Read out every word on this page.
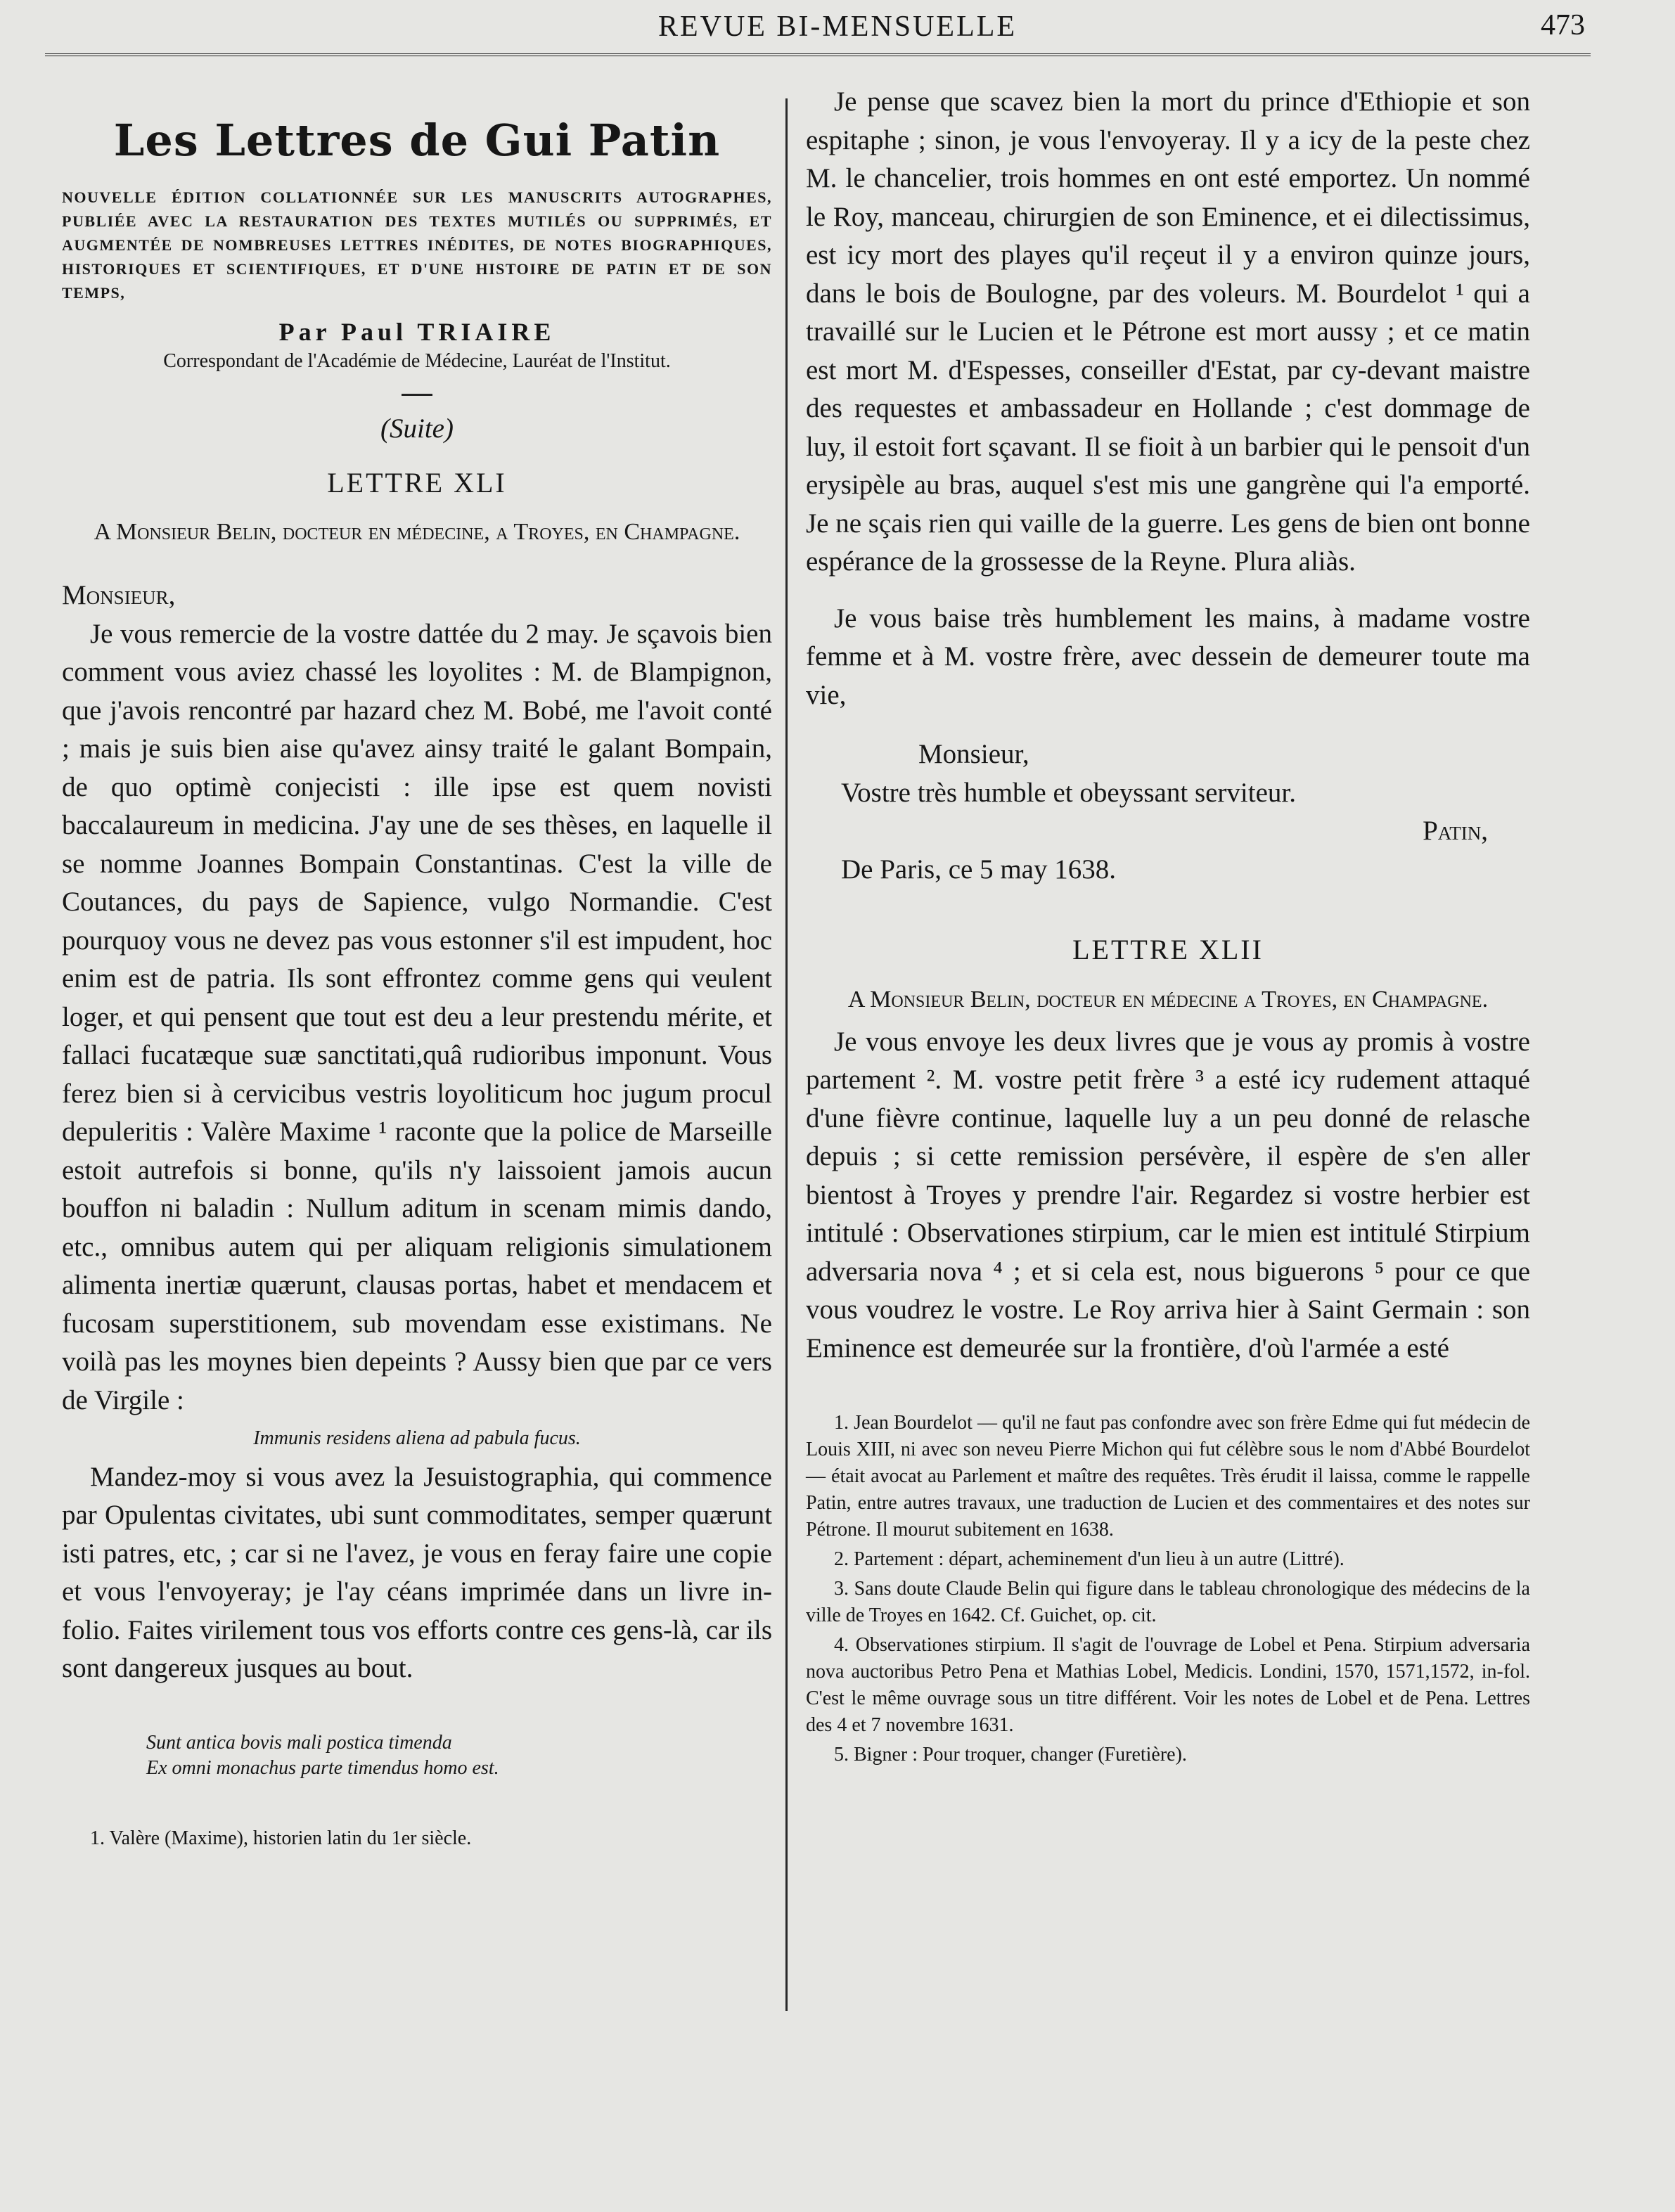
REVUE BI-MENSUELLE	473
Les Lettres de Gui Patin
NOUVELLE ÉDITION COLLATIONNÉE SUR LES MANUSCRITS AUTOGRAPHES, PUBLIÉE AVEC LA RESTAURATION DES TEXTES MUTILÉS OU SUPPRIMÉS, ET AUGMENTÉE DE NOMBREUSES LETTRES INÉDITES, DE NOTES BIOGRAPHIQUES, HISTORIQUES ET SCIENTIFIQUES, ET D'UNE HISTOIRE DE PATIN ET DE SON TEMPS,
Par Paul TRIAIRE
Correspondant de l'Académie de Médecine, Lauréat de l'Institut.
(Suite)
LETTRE XLI
A Monsieur Belin, docteur en médecine, a Troyes, en Champagne.

Monsieur,

Je vous remercie de la vostre dattée du 2 may. Je sçavois bien comment vous aviez chassé les loyolites : M. de Blampignon, que j'avois rencontré par hazard chez M. Bobé, me l'avoit conté ; mais je suis bien aise qu'avez ainsy traité le galant Bompain, de quo optimè conjecisti : ille ipse est quem novisti baccalaureum in medicina. J'ay une de ses thèses, en laquelle il se nomme Joannes Bompain Constantinas. C'est la ville de Coutances, du pays de Sapience, vulgo Normandie. C'est pourquoy vous ne devez pas vous estonner s'il est impudent, hoc enim est de patria. Ils sont effrontez comme gens qui veulent loger, et qui pensent que tout est deu a leur prestendu mérite, et fallaci fucatæque suæ sanctitati,quâ rudioribus imponunt. Vous ferez bien si à cervicibus vestris loyoliticum hoc jugum procul depuleritis : Valère Maxime ¹ raconte que la police de Marseille estoit autrefois si bonne, qu'ils n'y laissoient jamois aucun bouffon ni baladin : Nullum aditum in scenam mimis dando, etc., omnibus autem qui per aliquam religionis simulationem alimenta inertiæ quærunt, clausas portas, habet et mendacem et fucosam superstitionem, sub movendam esse existimans. Ne voilà pas les moynes bien depeints ? Aussy bien que par ce vers de Virgile :

Immunis residens aliena ad pabula fucus.

Mandez-moy si vous avez la Jesuistographia, qui commence par Opulentas civitates, ubi sunt commoditates, semper quærunt isti patres, etc, ; car si ne l'avez, je vous en feray faire une copie et vous l'envoyeray; je l'ay céans imprimée dans un livre in-folio. Faites virilement tous vos efforts contre ces gens-là, car ils sont dangereux jusques au bout.

Sunt antica bovis mali postica timenda
Ex omni monachus parte timendus homo est.

1. Valère (Maxime), historien latin du 1er siècle.

Je pense que scavez bien la mort du prince d'Ethiopie et son espitaphe ; sinon, je vous l'envoyeray. Il y a icy de la peste chez M. le chancelier, trois hommes en ont esté emportez. Un nommé le Roy, manceau, chirurgien de son Eminence, et ei dilectissimus, est icy mort des playes qu'il reçeut il y a environ quinze jours, dans le bois de Boulogne, par des voleurs. M. Bourdelot ¹ qui a travaillé sur le Lucien et le Pétrone est mort aussy ; et ce matin est mort M. d'Espesses, conseiller d'Estat, par cy-devant maistre des requestes et ambassadeur en Hollande ; c'est dommage de luy, il estoit fort sçavant. Il se fioit à un barbier qui le pensoit d'un erysipèle au bras, auquel s'est mis une gangrène qui l'a emporté. Je ne sçais rien qui vaille de la guerre. Les gens de bien ont bonne espérance de la grossesse de la Reyne. Plura aliàs.

Je vous baise très humblement les mains, à madame vostre femme et à M. vostre frère, avec dessein de demeurer toute ma vie,

Monsieur,

Vostre très humble et obeyssant serviteur.

Patin,

De Paris, ce 5 may 1638.

LETTRE XLII
A Monsieur Belin, docteur en médecine a Troyes, en Champagne.

Je vous envoye les deux livres que je vous ay promis à vostre partement ². M. vostre petit frère ³ a esté icy rudement attaqué d'une fièvre continue, laquelle luy a un peu donné de relasche depuis ; si cette remission persévère, il espère de s'en aller bientost à Troyes y prendre l'air. Regardez si vostre herbier est intitulé : Observationes stirpium, car le mien est intitulé Stirpium adversaria nova ⁴ ; et si cela est, nous biguerons ⁵ pour ce que vous voudrez le vostre. Le Roy arriva hier à Saint Germain : son Eminence est demeurée sur la frontière, d'où l'armée a esté

1. Jean Bourdelot — qu'il ne faut pas confondre avec son frère Edme qui fut médecin de Louis XIII, ni avec son neveu Pierre Michon qui fut célèbre sous le nom d'Abbé Bourdelot — était avocat au Parlement et maître des requêtes. Très érudit il laissa, comme le rappelle Patin, entre autres travaux, une traduction de Lucien et des commentaires et des notes sur Pétrone. Il mourut subitement en 1638.

2. Partement : départ, acheminement d'un lieu à un autre (Littré).

3. Sans doute Claude Belin qui figure dans le tableau chronologique des médecins de la ville de Troyes en 1642. Cf. Guichet, op. cit.

4. Observationes stirpium. Il s'agit de l'ouvrage de Lobel et Pena. Stirpium adversaria nova auctoribus Petro Pena et Mathias Lobel, Medicis. Londini, 1570, 1571,1572, in-fol. C'est le même ouvrage sous un titre différent. Voir les notes de Lobel et de Pena. Lettres des 4 et 7 novembre 1631.

5. Bigner : Pour troquer, changer (Furetière).
